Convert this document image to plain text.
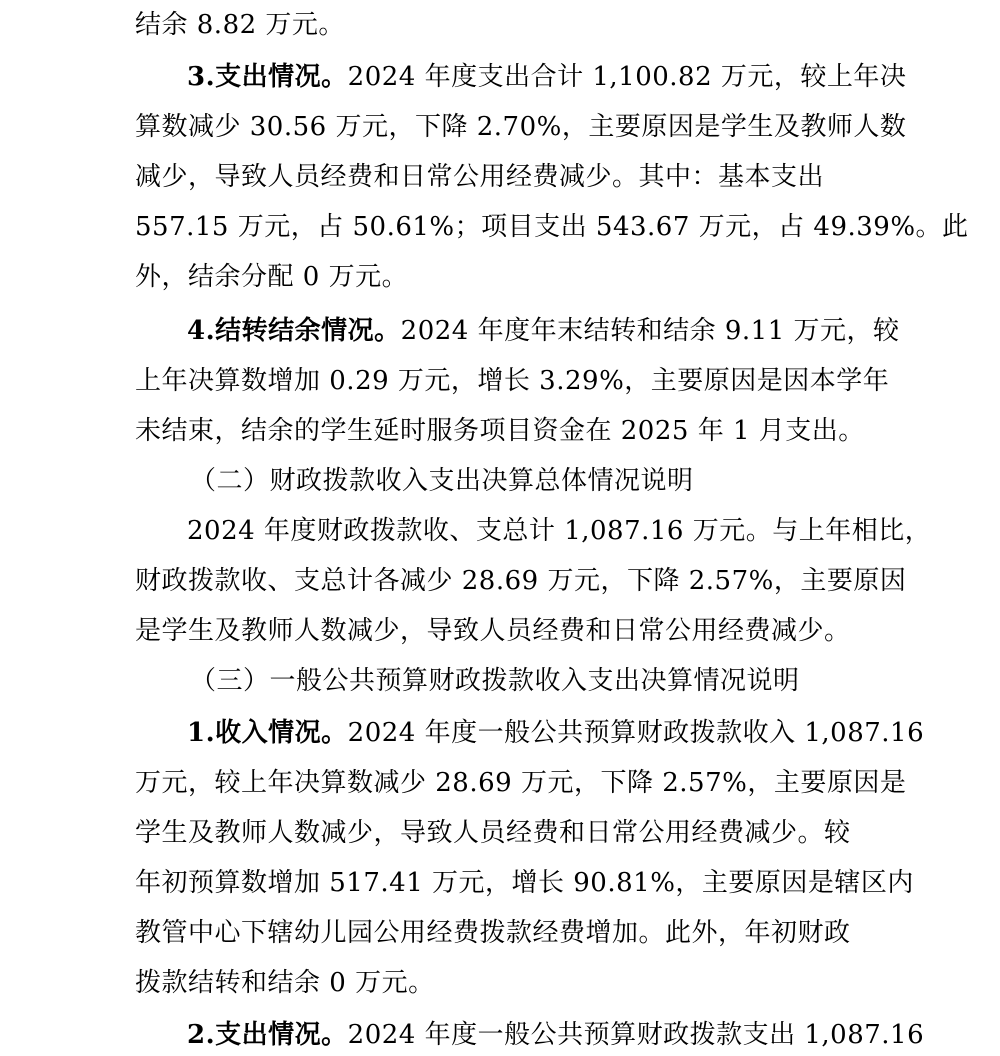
结余 8.82 万元。
3.支出情况。2024 年度支出合计 1,100.82 万元，较上年决
算数减少 30.56 万元，下降 2.70%，主要原因是学生及教师人数
减少，导致人员经费和日常公用经费减少。其中：基本支出
557.15 万元，占 50.61%；项目支出 543.67 万元，占 49.39%。此
外，结余分配 0 万元。
4.结转结余情况。2024 年度年末结转和结余 9.11 万元，较
上年决算数增加 0.29 万元，增长 3.29%，主要原因是因本学年
未结束，结余的学生延时服务项目资金在 2025 年 1 月支出。
（二）财政拨款收入支出决算总体情况说明
2024 年度财政拨款收、支总计 1,087.16 万元。与上年相比，
财政拨款收、支总计各减少 28.69 万元，下降 2.57%，主要原因
是学生及教师人数减少，导致人员经费和日常公用经费减少。
（三）一般公共预算财政拨款收入支出决算情况说明
1.收入情况。2024 年度一般公共预算财政拨款收入 1,087.16
万元，较上年决算数减少 28.69 万元，下降 2.57%，主要原因是
学生及教师人数减少，导致人员经费和日常公用经费减少。较
年初预算数增加 517.41 万元，增长 90.81%，主要原因是辖区内
教管中心下辖幼儿园公用经费拨款经费增加。此外，年初财政
拨款结转和结余 0 万元。
2.支出情况。2024 年度一般公共预算财政拨款支出 1,087.16
